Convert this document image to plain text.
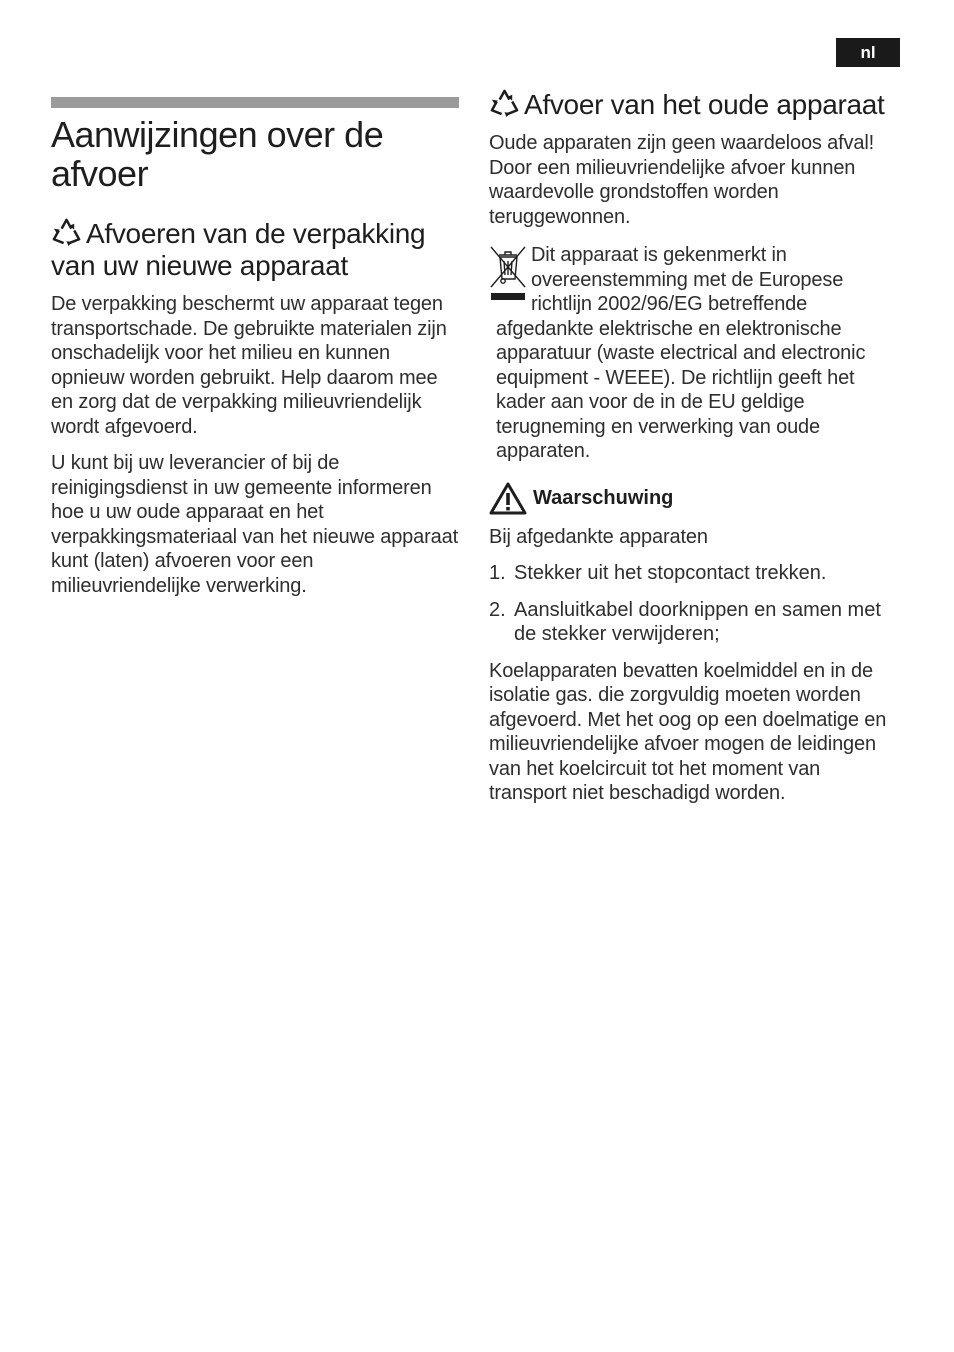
nl
Aanwijzingen over de afvoer
Afvoeren van de verpakking van uw nieuwe apparaat

De verpakking beschermt uw apparaat tegen transportschade. De gebruikte materialen zijn onschadelijk voor het milieu en kunnen opnieuw worden gebruikt. Help daarom mee en zorg dat de verpakking milieuvriendelijk wordt afgevoerd.

U kunt bij uw leverancier of bij de reinigingsdienst in uw gemeente informeren hoe u uw oude apparaat en het verpakkingsmateriaal van het nieuwe apparaat kunt (laten) afvoeren voor een milieuvriendelijke verwerking.

Afvoer van het oude apparaat

Oude apparaten zijn geen waardeloos afval! Door een milieuvriendelijke afvoer kunnen waardevolle grondstoffen worden teruggewonnen.

Dit apparaat is gekenmerkt in
overeenstemming met de Europese
richtlijn 2002/96/EG betreffende
afgedankte elektrische en elektronische apparatuur (waste electrical and electronic equipment - WEEE). De richtlijn geeft het kader aan voor de in de EU geldige terugneming en verwerking van oude apparaten.
Waarschuwing

Bij afgedankte apparaten

1. Stekker uit het stopcontact trekken.
2. Aansluitkabel doorknippen en samen met de stekker verwijderen;

Koelapparaten bevatten koelmiddel en in de isolatie gas. die zorgvuldig moeten worden afgevoerd. Met het oog op een doelmatige en milieuvriendelijke afvoer mogen de leidingen van het koelcircuit tot het moment van transport niet beschadigd worden.
